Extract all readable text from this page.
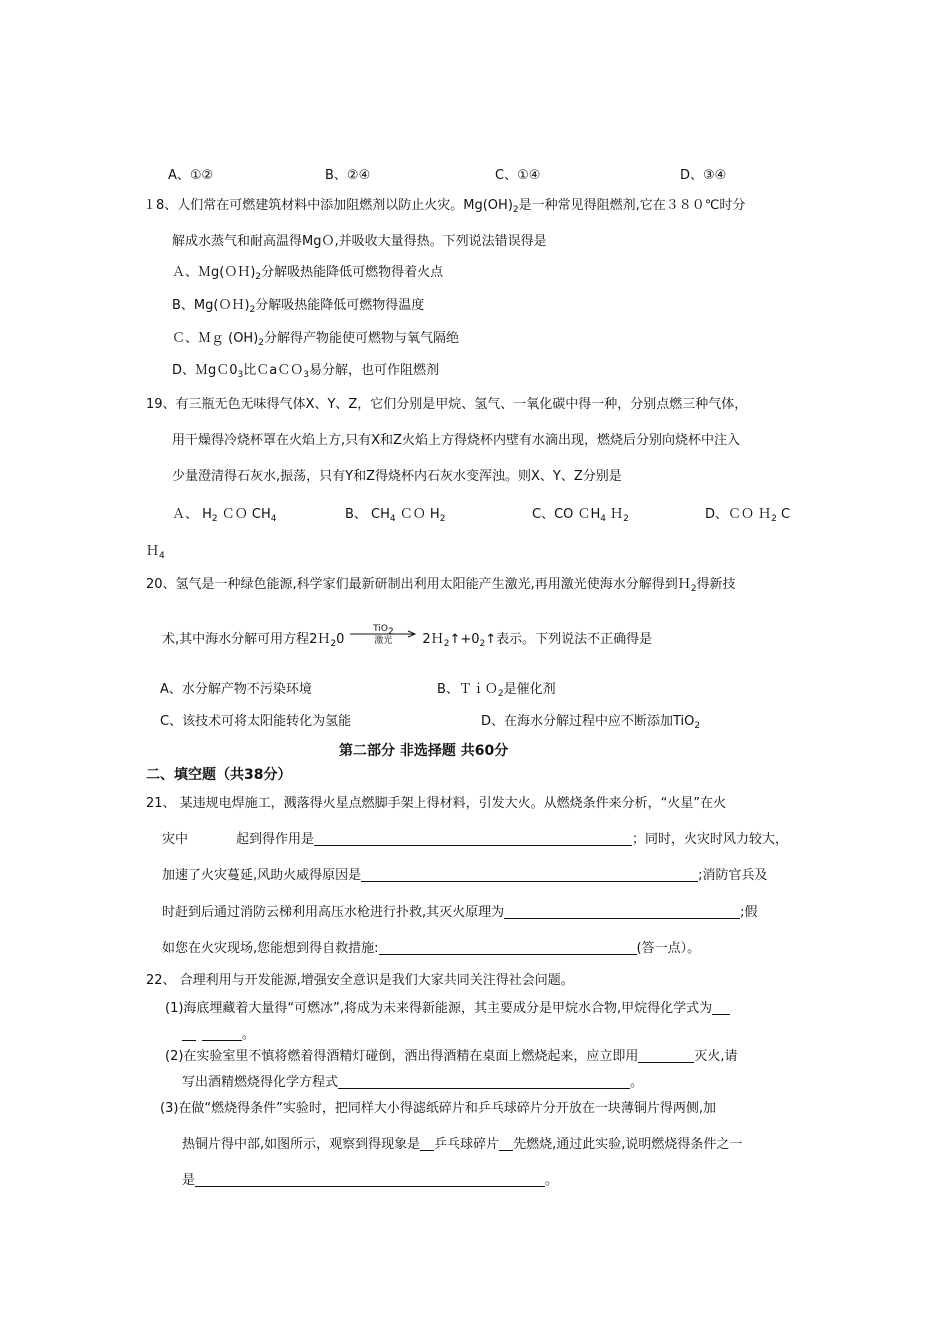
A、①②	B、②④	C、①④	D、③④
１8、人们常在可燃建筑材料中添加阻燃剂以防止火灾。$Mg(OH)_2$是一种常见得阻燃剂,它在３８０℃时分
解成水蒸气和耐高温得MgＯ,并吸收大量得热。下列说法错误得是
Ａ、$Mg(OH)_2$分解吸热能降低可燃物得着火点
B、$Mg(OH)_2$分解吸热能降低可燃物得温度
Ｃ、Ｍｇ $(OH)_2$分解得产物能使可燃物与氧气隔绝
D、$MgC0_3$比ＣaＣＯ$_3$易分解，也可作阻燃剂
19、有三瓶无色无味得气体X、Y、Z，它们分别是甲烷、氢气、一氧化碳中得一种，分别点燃三种气体，
用干燥得冷烧杯罩在火焰上方,只有X和Z火焰上方得烧杯内壁有水滴出现，燃烧后分别向烧杯中注入
少量澄清得石灰水,振荡，只有Y和Z得烧杯内石灰水变浑浊。则X、Y、Z分别是
Ａ、 $H_2$ ＣＯ $CH_4$	B、 $CH_4$ ＣＯ $H_2$	C、CO ＣH$_4$ Ｈ$_2$	D、ＣＯ Ｈ$_2$ C
Ｈ$_4$
20、氢气是一种绿色能源,科学家们最新研制出利用太阳能产生激光,再用激光使海水分解得到Ｈ$_2$得新技
术,其中海水分解可用方程2Ｈ$_2$0
TiO$_2$
激光	$2H_2↑+0_2↑$表示。下列说法不正确得是
A、水分解产物不污染环境	B、ＴｉＯ$_2$是催化剂
C、该技术可将太阳能转化为氢能	D、在海水分解过程中应不断添加TiO$_2$
第二部分 非选择题 共60分
二、填空题（共38分）
21、 某违规电焊施工，溅落得火星点燃脚手架上得材料，引发大火。从燃烧条件来分析，“火星”在火
灾中	起到得作用是	；同时，火灾时风力较大，
加速了火灾蔓延,风助火威得原因是	;消防官兵及
时赶到后通过消防云梯利用高压水枪进行扑救,其灭火原理为	;假
如您在火灾现场,您能想到得自救措施:	(答一点）。
22、 合理利用与开发能源,增强安全意识是我们大家共同关注得社会问题。
(1)海底埋藏着大量得“可燃冰”,将成为未来得新能源，其主要成分是甲烷水合物,甲烷得化学式为
。
(2)在实验室里不慎将燃着得酒精灯碰倒，洒出得酒精在桌面上燃烧起来，应立即用	灭火,请
写出酒精燃烧得化学方程式	。
(3)在做“燃烧得条件”实验时，把同样大小得滤纸碎片和乒乓球碎片分开放在一块薄铜片得两侧,加
热铜片得中部,如图所示，观察到得现象是 乒乓球碎片 先燃烧,通过此实验,说明燃烧得条件之一
是	。
